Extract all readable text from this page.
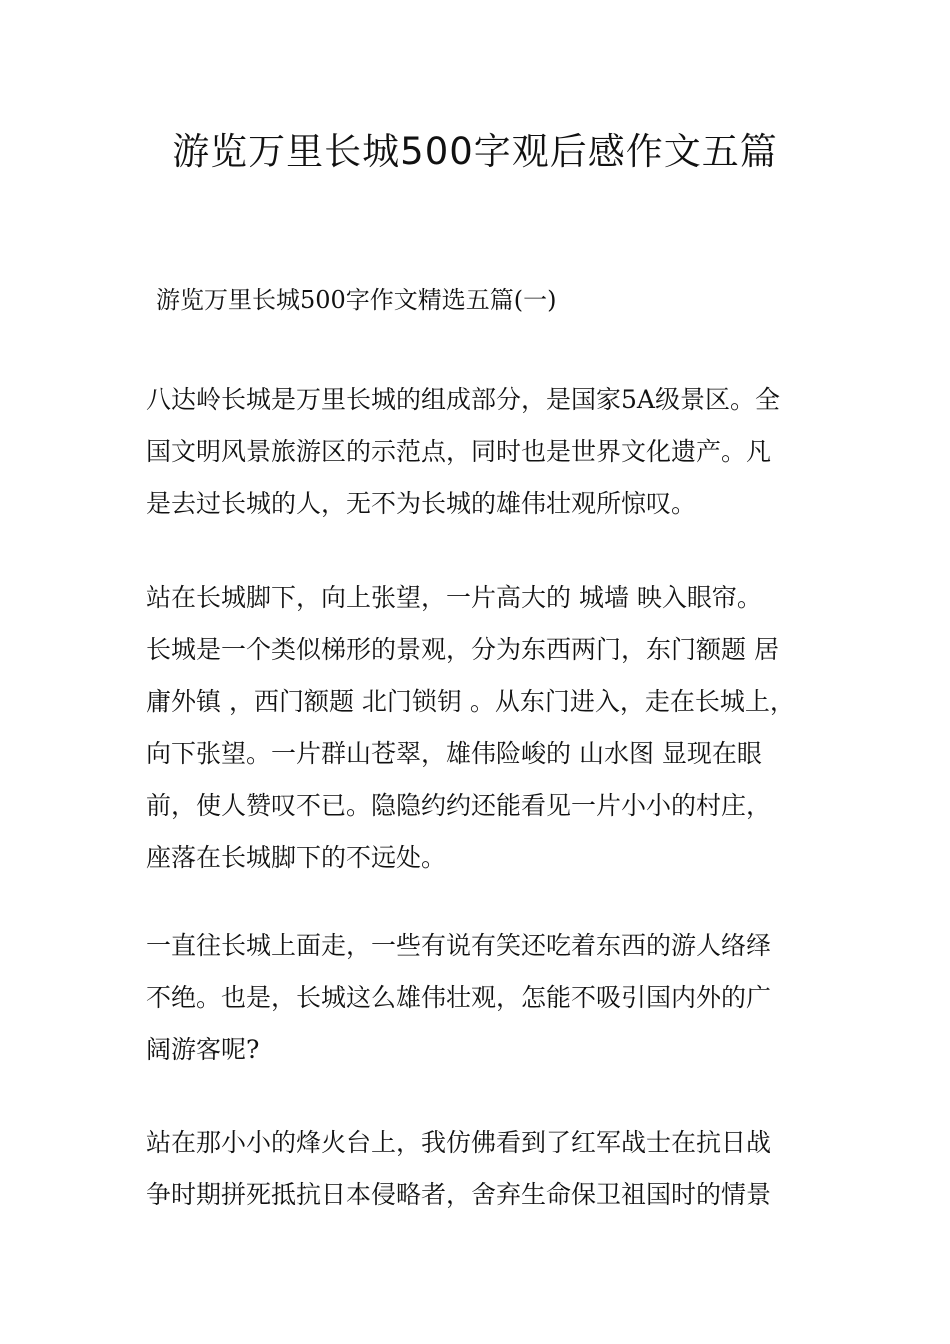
游览万里长城500字观后感作文五篇

游览万里长城500字作文精选五篇(一)

八达岭长城是万里长城的组成部分，是国家5A级景区。全
国文明风景旅游区的示范点，同时也是世界文化遗产。凡
是去过长城的人，无不为长城的雄伟壮观所惊叹。
站在长城脚下，向上张望，一片高大的 城墙 映入眼帘。
长城是一个类似梯形的景观，分为东西两门，东门额题 居
庸外镇 ，西门额题 北门锁钥 。从东门进入，走在长城上，
向下张望。一片群山苍翠，雄伟险峻的 山水图 显现在眼
前，使人赞叹不已。隐隐约约还能看见一片小小的村庄，
座落在长城脚下的不远处。
一直往长城上面走，一些有说有笑还吃着东西的游人络绎
不绝。也是，长城这么雄伟壮观，怎能不吸引国内外的广
阔游客呢?
站在那小小的烽火台上，我仿佛看到了红军战士在抗日战
争时期拼死抵抗日本侵略者，舍弃生命保卫祖国时的情景
